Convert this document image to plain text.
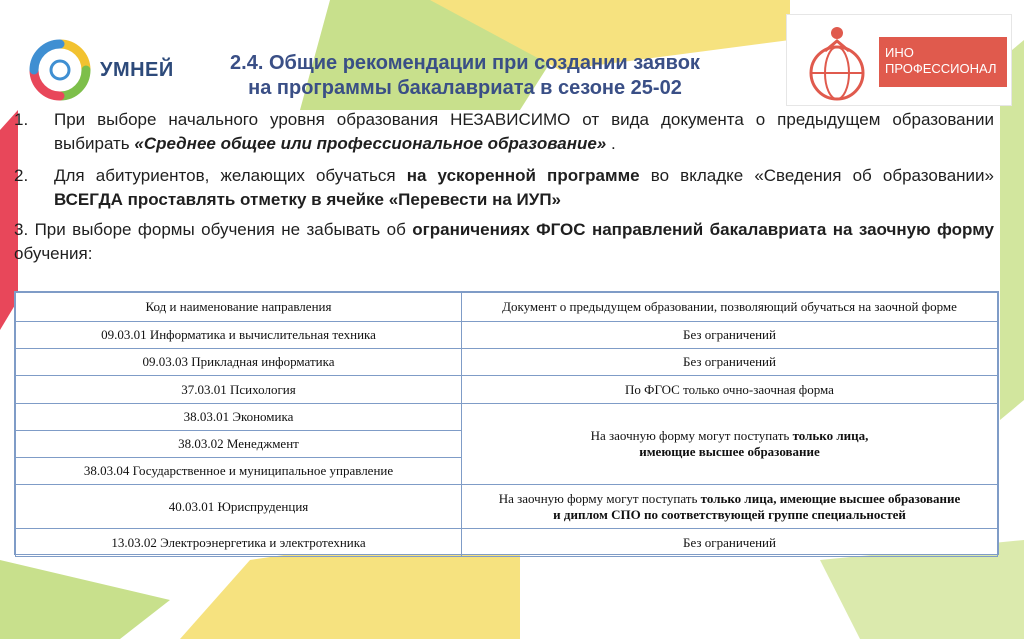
УМНЕЙ
ИНО
ПРОФЕССИОНАЛ
2.4. Общие рекомендации при создании заявок
на программы бакалавриата в сезоне 25-02
1.	При выборе начального уровня образования НЕЗАВИСИМО от вида документа о предыдущем образовании выбирать «Среднее общее или профессиональное образование» .
2.	Для абитуриентов, желающих обучаться на ускоренной программе во вкладке «Сведения об образовании» ВСЕГДА проставлять отметку в ячейке «Перевести на ИУП»
3. При выборе формы обучения не забывать об ограничениях ФГОС направлений бакалавриата на заочную форму обучения:
Код и наименование направления	Документ о предыдущем образовании, позволяющий обучаться на заочной форме
09.03.01 Информатика и вычислительная техника	Без ограничений
09.03.03 Прикладная информатика	Без ограничений
37.03.01 Психология	По ФГОС только очно-заочная форма
38.03.01 Экономика	На заочную форму могут поступать только лица,
имеющие высшее образование
38.03.02 Менеджмент	
38.03.04 Государственное и муниципальное управление	
40.03.01 Юриспруденция	На заочную форму могут поступать только лица, имеющие высшее образование
и диплом СПО по соответствующей группе специальностей
13.03.02 Электроэнергетика и электротехника	Без ограничений
